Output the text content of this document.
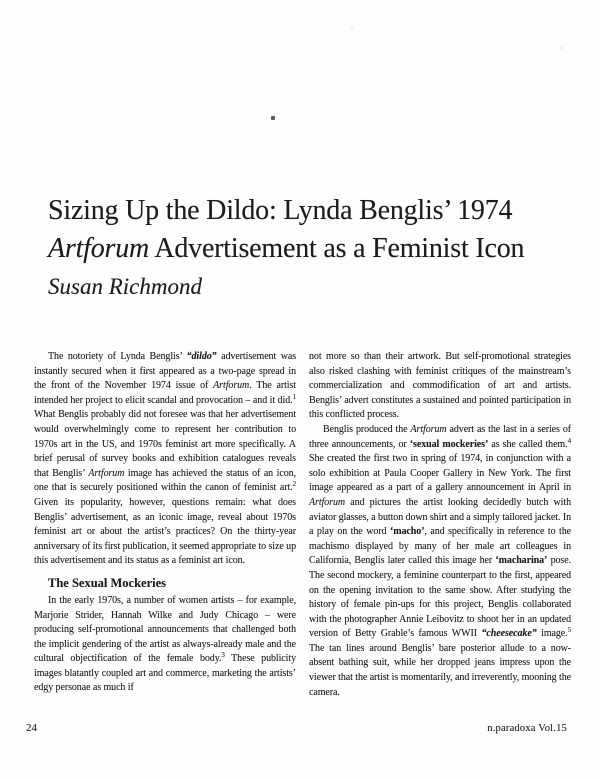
Sizing Up the Dildo: Lynda Benglis’ 1974
Artforum Advertisement as a Feminist Icon
Susan Richmond

The notoriety of Lynda Benglis’ “dildo” advertisement was instantly secured when it first appeared as a two-page spread in the front of the November 1974 issue of Artforum. The artist intended her project to elicit scandal and provocation – and it did.$^1$ What Benglis probably did not foresee was that her advertisement would overwhelmingly come to represent her contribution to 1970s art in the US, and 1970s feminist art more specifically. A brief perusal of survey books and exhibition catalogues reveals that Benglis’ Artforum image has achieved the status of an icon, one that is securely positioned within the canon of feminist art.$^2$ Given its popularity, however, questions remain: what does Benglis’ advertisement, as an iconic image, reveal about 1970s feminist art or about the artist’s practices? On the thirty-year anniversary of its first publication, it seemed appropriate to size up this advertisement and its status as a feminist art icon.

The Sexual Mockeries

In the early 1970s, a number of women artists – for example, Marjorie Strider, Hannah Wilke and Judy Chicago – were producing self-promotional announcements that challenged both the implicit gendering of the artist as always-already male and the cultural objectification of the female body.$^3$ These publicity images blatantly coupled art and commerce, marketing the artists’ edgy personae as much if

not more so than their artwork. But self-promotional strategies also risked clashing with feminist critiques of the mainstream’s commercialization and commodification of art and artists. Benglis’ advert constitutes a sustained and pointed participation in this conflicted process.

Benglis produced the Artforum advert as the last in a series of three announcements, or ‘sexual mockeries’ as she called them.$^4$ She created the first two in spring of 1974, in conjunction with a solo exhibition at Paula Cooper Gallery in New York. The first image appeared as a part of a gallery announcement in April in Artforum and pictures the artist looking decidedly butch with aviator glasses, a button down shirt and a simply tailored jacket. In a play on the word ‘macho’, and specifically in reference to the machismo displayed by many of her male art colleagues in California, Benglis later called this image her ‘macharina’ pose. The second mockery, a feminine counterpart to the first, appeared on the opening invitation to the same show. After studying the history of female pin-ups for this project, Benglis collaborated with the photographer Annie Leibovitz to shoot her in an updated version of Betty Grable’s famous WWII “cheesecake” image.$^5$ The tan lines around Benglis’ bare posterior allude to a now-absent bathing suit, while her dropped jeans impress upon the viewer that the artist is momentarily, and irreverently, mooning the camera.

24	n.paradoxa Vol.15
